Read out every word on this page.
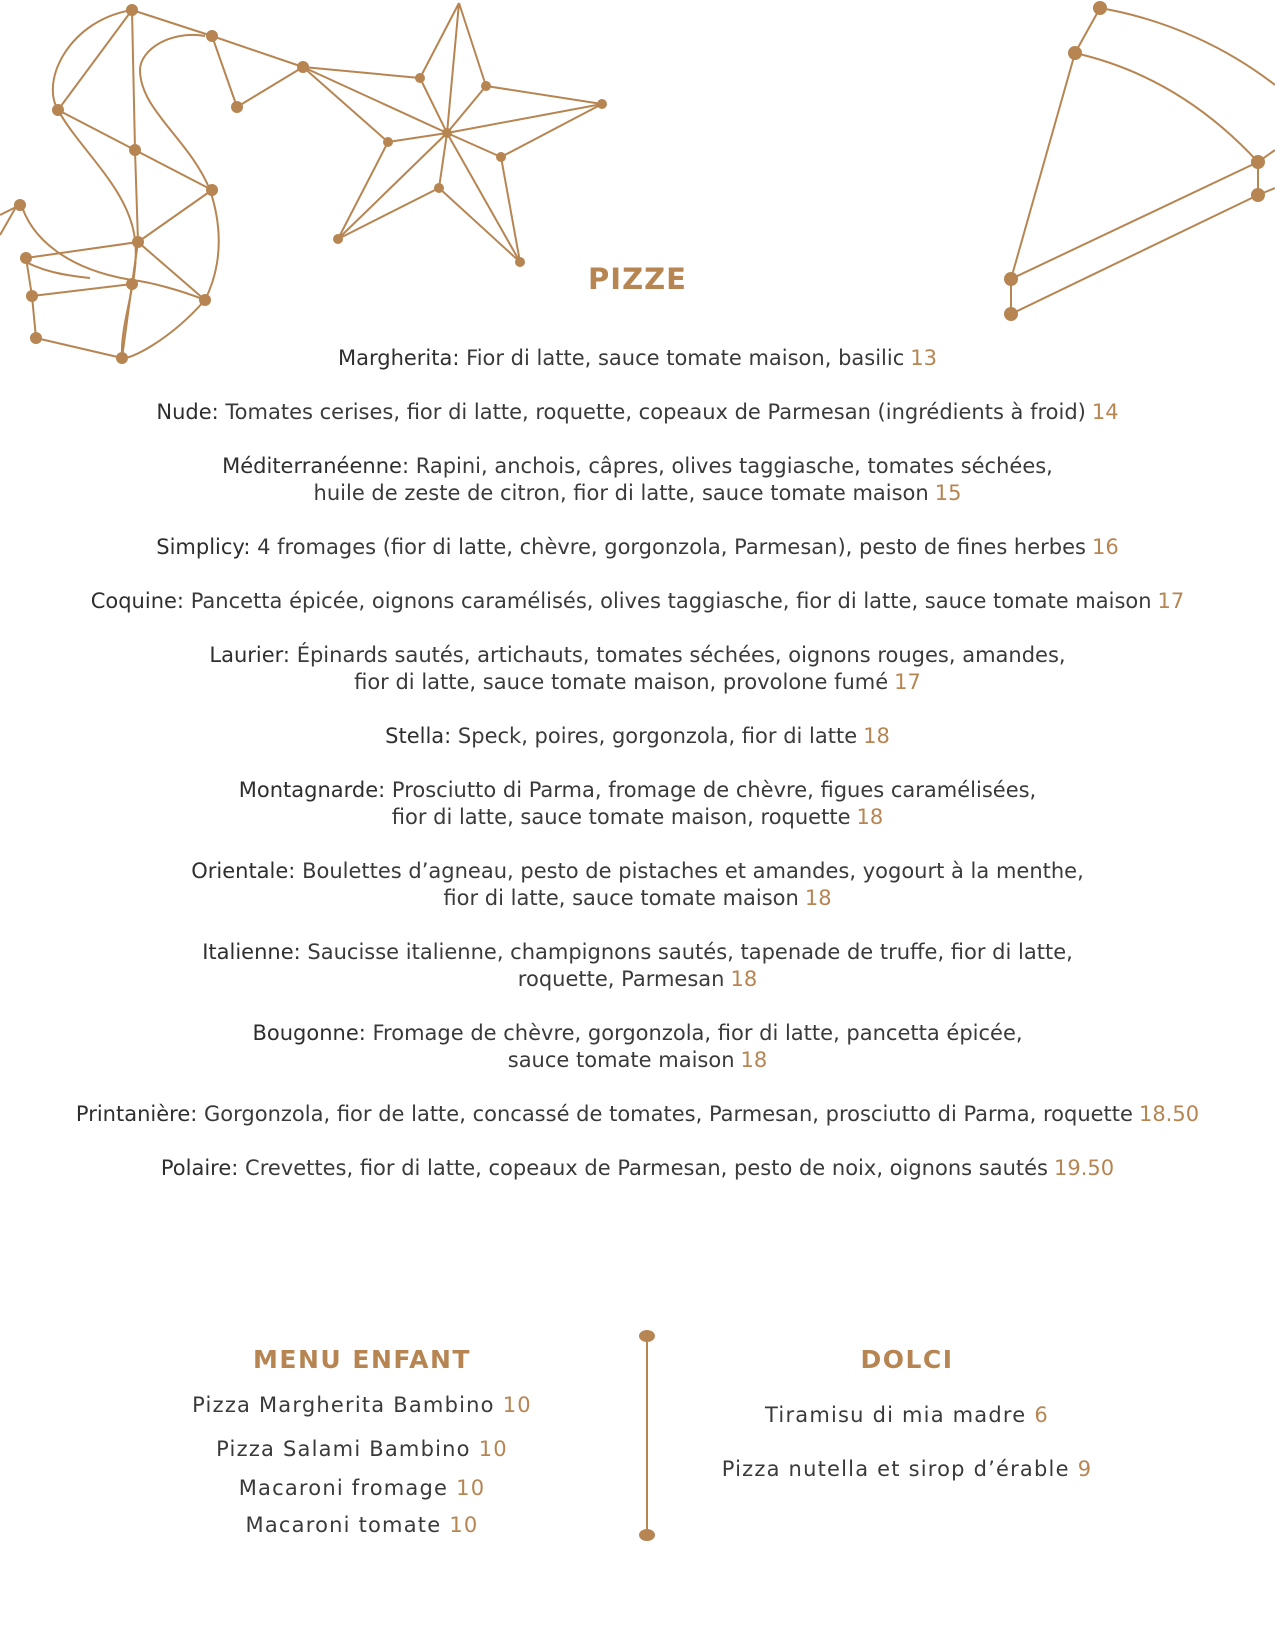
PIZZE
Margherita: Fior di latte, sauce tomate maison, basilic 13
Nude: Tomates cerises, fior di latte, roquette, copeaux de Parmesan (ingrédients à froid) 14
Méditerranéenne: Rapini, anchois, câpres, olives taggiasche, tomates séchées,
huile de zeste de citron, fior di latte, sauce tomate maison 15
Simplicy: 4 fromages (fior di latte, chèvre, gorgonzola, Parmesan), pesto de fines herbes 16
Coquine: Pancetta épicée, oignons caramélisés, olives taggiasche, fior di latte, sauce tomate maison 17
Laurier: Épinards sautés, artichauts, tomates séchées, oignons rouges, amandes,
fior di latte, sauce tomate maison, provolone fumé 17
Stella: Speck, poires, gorgonzola, fior di latte 18
Montagnarde: Prosciutto di Parma, fromage de chèvre, figues caramélisées,
fior di latte, sauce tomate maison, roquette 18
Orientale: Boulettes d’agneau, pesto de pistaches et amandes, yogourt à la menthe,
fior di latte, sauce tomate maison 18
Italienne: Saucisse italienne, champignons sautés, tapenade de truffe, fior di latte,
roquette, Parmesan 18
Bougonne: Fromage de chèvre, gorgonzola, fior di latte, pancetta épicée,
sauce tomate maison 18
Printanière: Gorgonzola, fior de latte, concassé de tomates, Parmesan, prosciutto di Parma, roquette 18.50
Polaire: Crevettes, fior di latte, copeaux de Parmesan, pesto de noix, oignons sautés 19.50
MENU ENFANT
Pizza Margherita Bambino 10
Pizza Salami Bambino 10
Macaroni fromage 10
Macaroni tomate 10
DOLCI
Tiramisu di mia madre 6
Pizza nutella et sirop d’érable 9
